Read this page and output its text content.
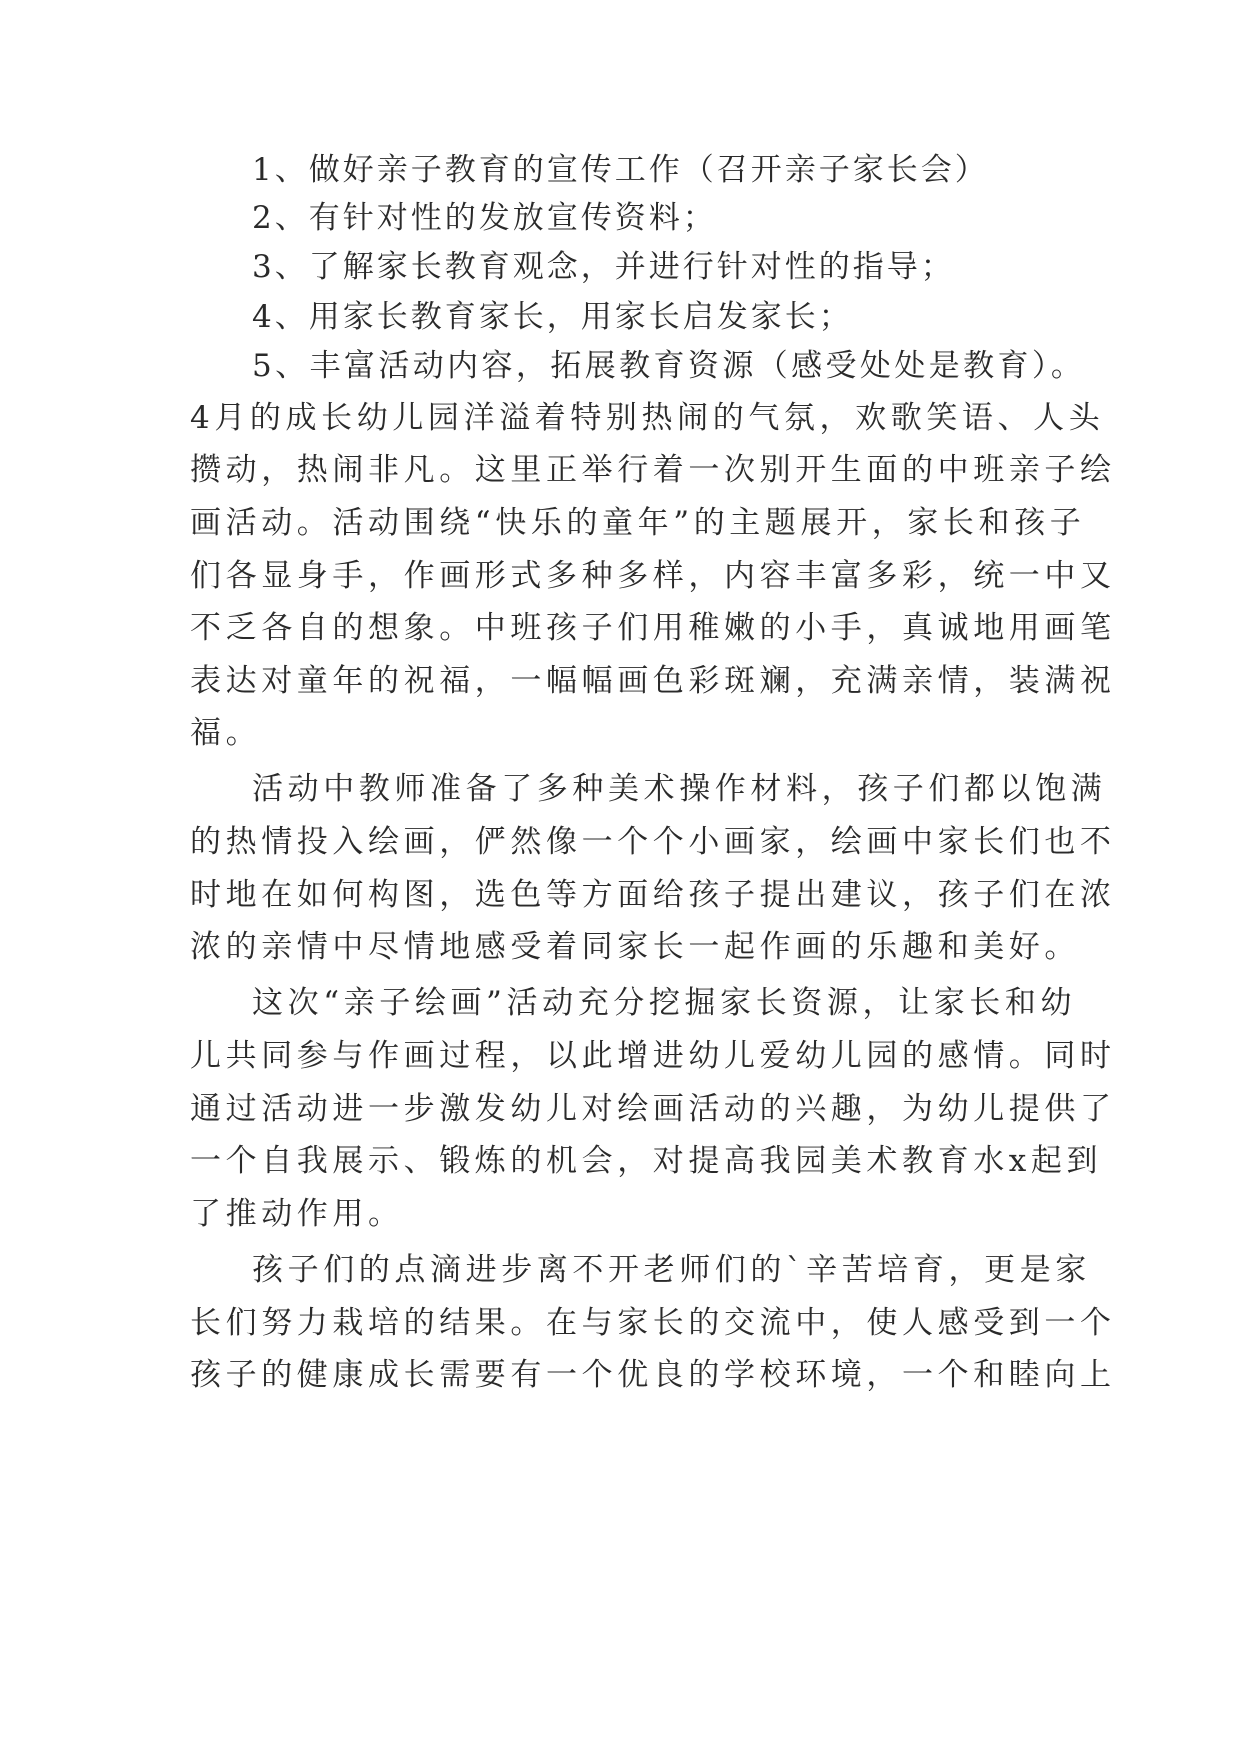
1、做好亲子教育的宣传工作（召开亲子家长会）
2、有针对性的发放宣传资料；
3、了解家长教育观念，并进行针对性的指导；
4、用家长教育家长，用家长启发家长；
5、丰富活动内容，拓展教育资源（感受处处是教育）。
4月的成长幼儿园洋溢着特别热闹的气氛，欢歌笑语、人头
攒动，热闹非凡。这里正举行着一次别开生面的中班亲子绘
画活动。活动围绕“快乐的童年”的主题展开，家长和孩子
们各显身手，作画形式多种多样，内容丰富多彩，统一中又
不乏各自的想象。中班孩子们用稚嫩的小手，真诚地用画笔
表达对童年的祝福，一幅幅画色彩斑斓，充满亲情，装满祝
福。
活动中教师准备了多种美术操作材料，孩子们都以饱满
的热情投入绘画，俨然像一个个小画家，绘画中家长们也不
时地在如何构图，选色等方面给孩子提出建议，孩子们在浓
浓的亲情中尽情地感受着同家长一起作画的乐趣和美好。
这次“亲子绘画”活动充分挖掘家长资源，让家长和幼
儿共同参与作画过程，以此增进幼儿爱幼儿园的感情。同时
通过活动进一步激发幼儿对绘画活动的兴趣，为幼儿提供了
一个自我展示、锻炼的机会，对提高我园美术教育水x起到
了推动作用。
孩子们的点滴进步离不开老师们的`辛苦培育，更是家
长们努力栽培的结果。在与家长的交流中，使人感受到一个
孩子的健康成长需要有一个优良的学校环境，一个和睦向上
